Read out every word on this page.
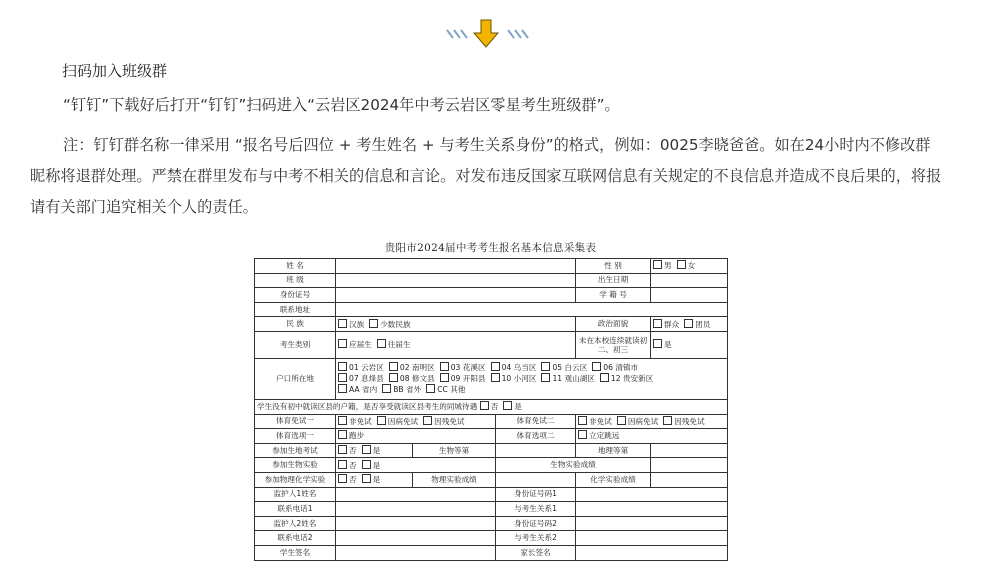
扫码加入班级群

“钉钉”下载好后打开“钉钉”扫码进入“云岩区2024年中考云岩区零星考生班级群”。

注：钉钉群名称一律采用 “报名号后四位 + 考生姓名 + 与考生关系身份”的格式，例如：0025李晓爸爸。如在24小时内不修改群昵称将退群处理。严禁在群里发布与中考不相关的信息和言论。对发布违反国家互联网信息有关规定的不良信息并造成不良后果的，将报请有关部门追究相关个人的责任。

贵阳市2024届中考考生报名基本信息采集表
姓 名				性 别	男 女
班 级				出生日期	
身份证号				学 籍 号	
联系地址					
民 族	汉族 少数民族			政治面貌	群众 团员
考生类别	应届生 往届生			未在本校连续就读初二、初三	是
户口所在地	01 云岩区 02 南明区 03 花溪区 04 乌当区 05 白云区 06 清镇市
07 息烽县 08 修文县 09 开阳县 10 小河区 11 观山湖区 12 贵安新区
AA 省内 BB 省外 CC 其他				
学生没有初中就读区县的户籍，是否享受就读区县考生的同城待遇 否 是					
体育免试一	非免试 因病免试 因残免试		体育免试二	非免试 因病免试 因残免试	
体育选项一	跑步		体育选项二	立定跳远	
参加生地考试	否 是	生物等第		地理等第	
参加生物实验	否 是		生物实验成绩		
参加物理化学实验	否 是	物理实验成绩		化学实验成绩	
监护人1姓名			身份证号码1		
联系电话1			与考生关系1		
监护人2姓名			身份证号码2		
联系电话2			与考生关系2		
学生签名			家长签名		
